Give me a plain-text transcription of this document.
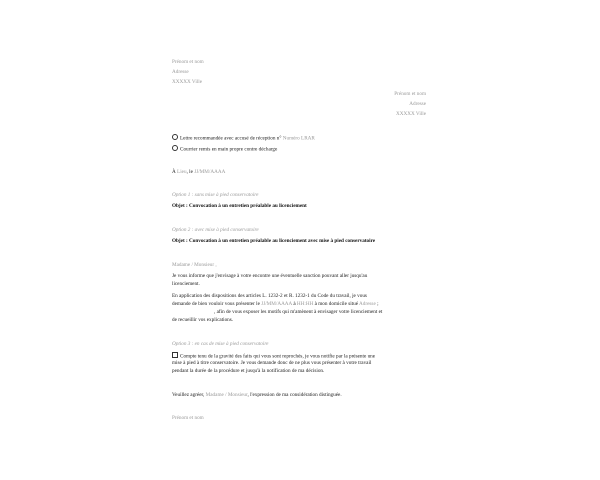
Prénom et nom
Adresse
XXXXX Ville
Prénom et nom
Adresse
XXXXX Ville
Lettre recommandée avec accusé de réception n° Numéro LRAR
Courrier remis en main propre contre décharge
À Lieu, le JJ/MM/AAAA
Option 1 : sans mise à pied conservatoire
Objet : Convocation à un entretien préalable au licenciement
Option 2 : avec mise à pied conservatoire
Objet : Convocation à un entretien préalable au licenciement avec mise à pied conservatoire
Madame / Monsieur ,
Je vous informe que j'envisage à votre encontre une éventuelle sanction pouvant aller jusqu'au
licenciement.
En application des dispositions des articles L. 1232-2 et R. 1232-1 du Code du travail, je vous
demande de bien vouloir vous présenter le JJ/MM/AAAA à HH:HH à mon domicile situé Adresse ;
, afin de vous exposer les motifs qui m'amènent à envisager votre licenciement et
de recueillir vos explications.
Option 3 : en cas de mise à pied conservatoire
Compte tenu de la gravité des faits qui vous sont reprochés, je vous notifie par la présente une
mise à pied à titre conservatoire. Je vous demande donc de ne plus vous présenter à votre travail
pendant la durée de la procédure et jusqu'à la notification de ma décision.
Veuillez agréer, Madame / Monsieur, l'expression de ma considération distinguée.
Prénom et nom
